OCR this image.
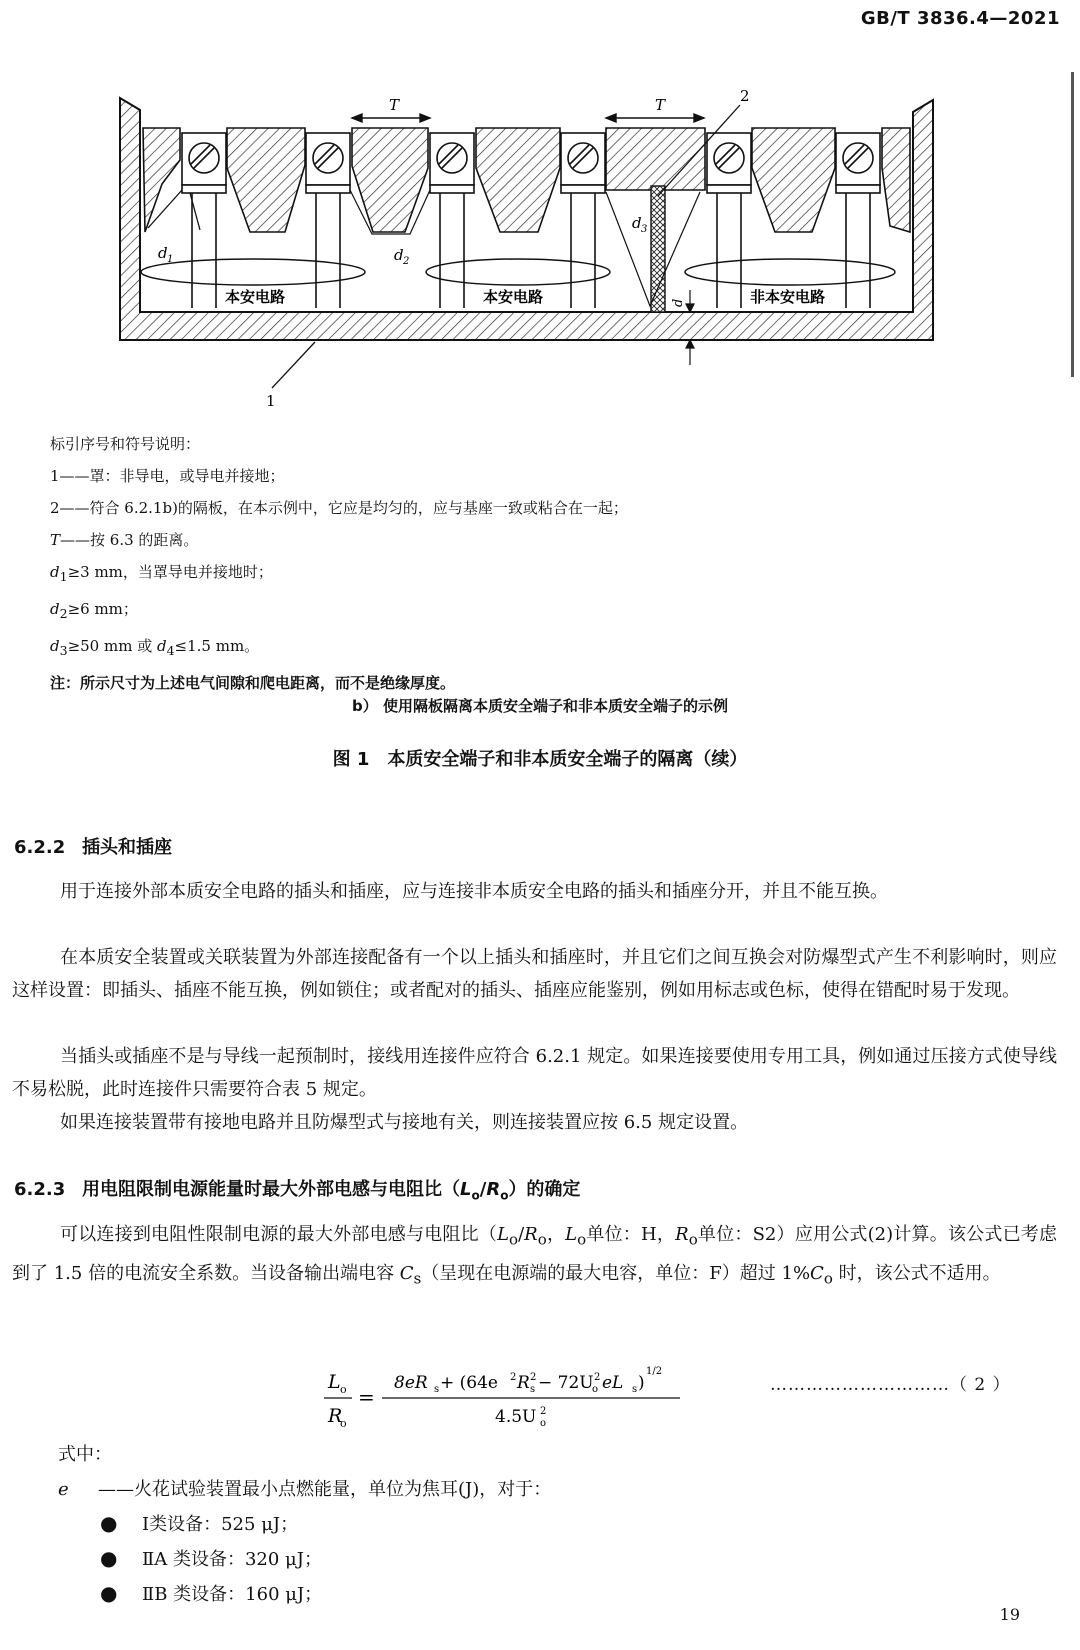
GB/T 3836.4—2021
T	T	2
d 1	d 2
d 3
d
本安电路	本安电路	非本安电路
1
标引序号和符号说明：
1——罩：非导电，或导电并接地；
2——符合 6.2.1b)的隔板，在本示例中，它应是均匀的，应与基座一致或粘合在一起；
T——按 6.3 的距离。
$d_1\ge 3$ mm，当罩导电并接地时；
$d_2\ge 6$ mm；
$d_3\ge 50$ mm 或 $d_4\le 1.5$ mm。
注：所示尺寸为上述电气间隙和爬电距离，而不是绝缘厚度。
b） 使用隔板隔离本质安全端子和非本质安全端子的示例
图 1　本质安全端子和非本质安全端子的隔离（续）
6.2.2 插头和插座
用于连接外部本质安全电路的插头和插座，应与连接非本质安全电路的插头和插座分开，并且不能互换。
在本质安全装置或关联装置为外部连接配备有一个以上插头和插座时，并且它们之间互换会对防爆型式产生不利影响时，则应这样设置：即插头、插座不能互换，例如锁住；或者配对的插头、插座应能鉴别，例如用标志或色标，使得在错配时易于发现。
当插头或插座不是与导线一起预制时，接线用连接件应符合 6.2.1 规定。如果连接要使用专用工具，例如通过压接方式使导线不易松脱，此时连接件只需要符合表 5 规定。
如果连接装置带有接地电路并且防爆型式与接地有关，则连接装置应按 6.5 规定设置。
6.2.3 用电阻限制电源能量时最大外部电感与电阻比$(L_o/R_o)$的确定
可以连接到电阻性限制电源的最大外部电感与电阻比（$L_o/R_o$，$L_o$单位：H，$R_o$单位：S2）应用公式(2)计算。该公式已考虑到了 1.5 倍的电流安全系数。当设备输出端电容 $C_s$（呈现在电源端的最大电容，单位：F）超过 $1\%C_o$ 时，该公式不适用。
L o
R
o
=
8eR s + (64e 2 R 2
s − 72U
o
2 eL s )
1/2
4.5U 2
o
…………………………（ 2 ）
式中：
e ——火花试验装置最小点燃能量，单位为焦耳(J)，对于：
● Ⅰ类设备：525 μJ；
● ⅡA 类设备：320 μJ；
● ⅡB 类设备：160 μJ；
19
